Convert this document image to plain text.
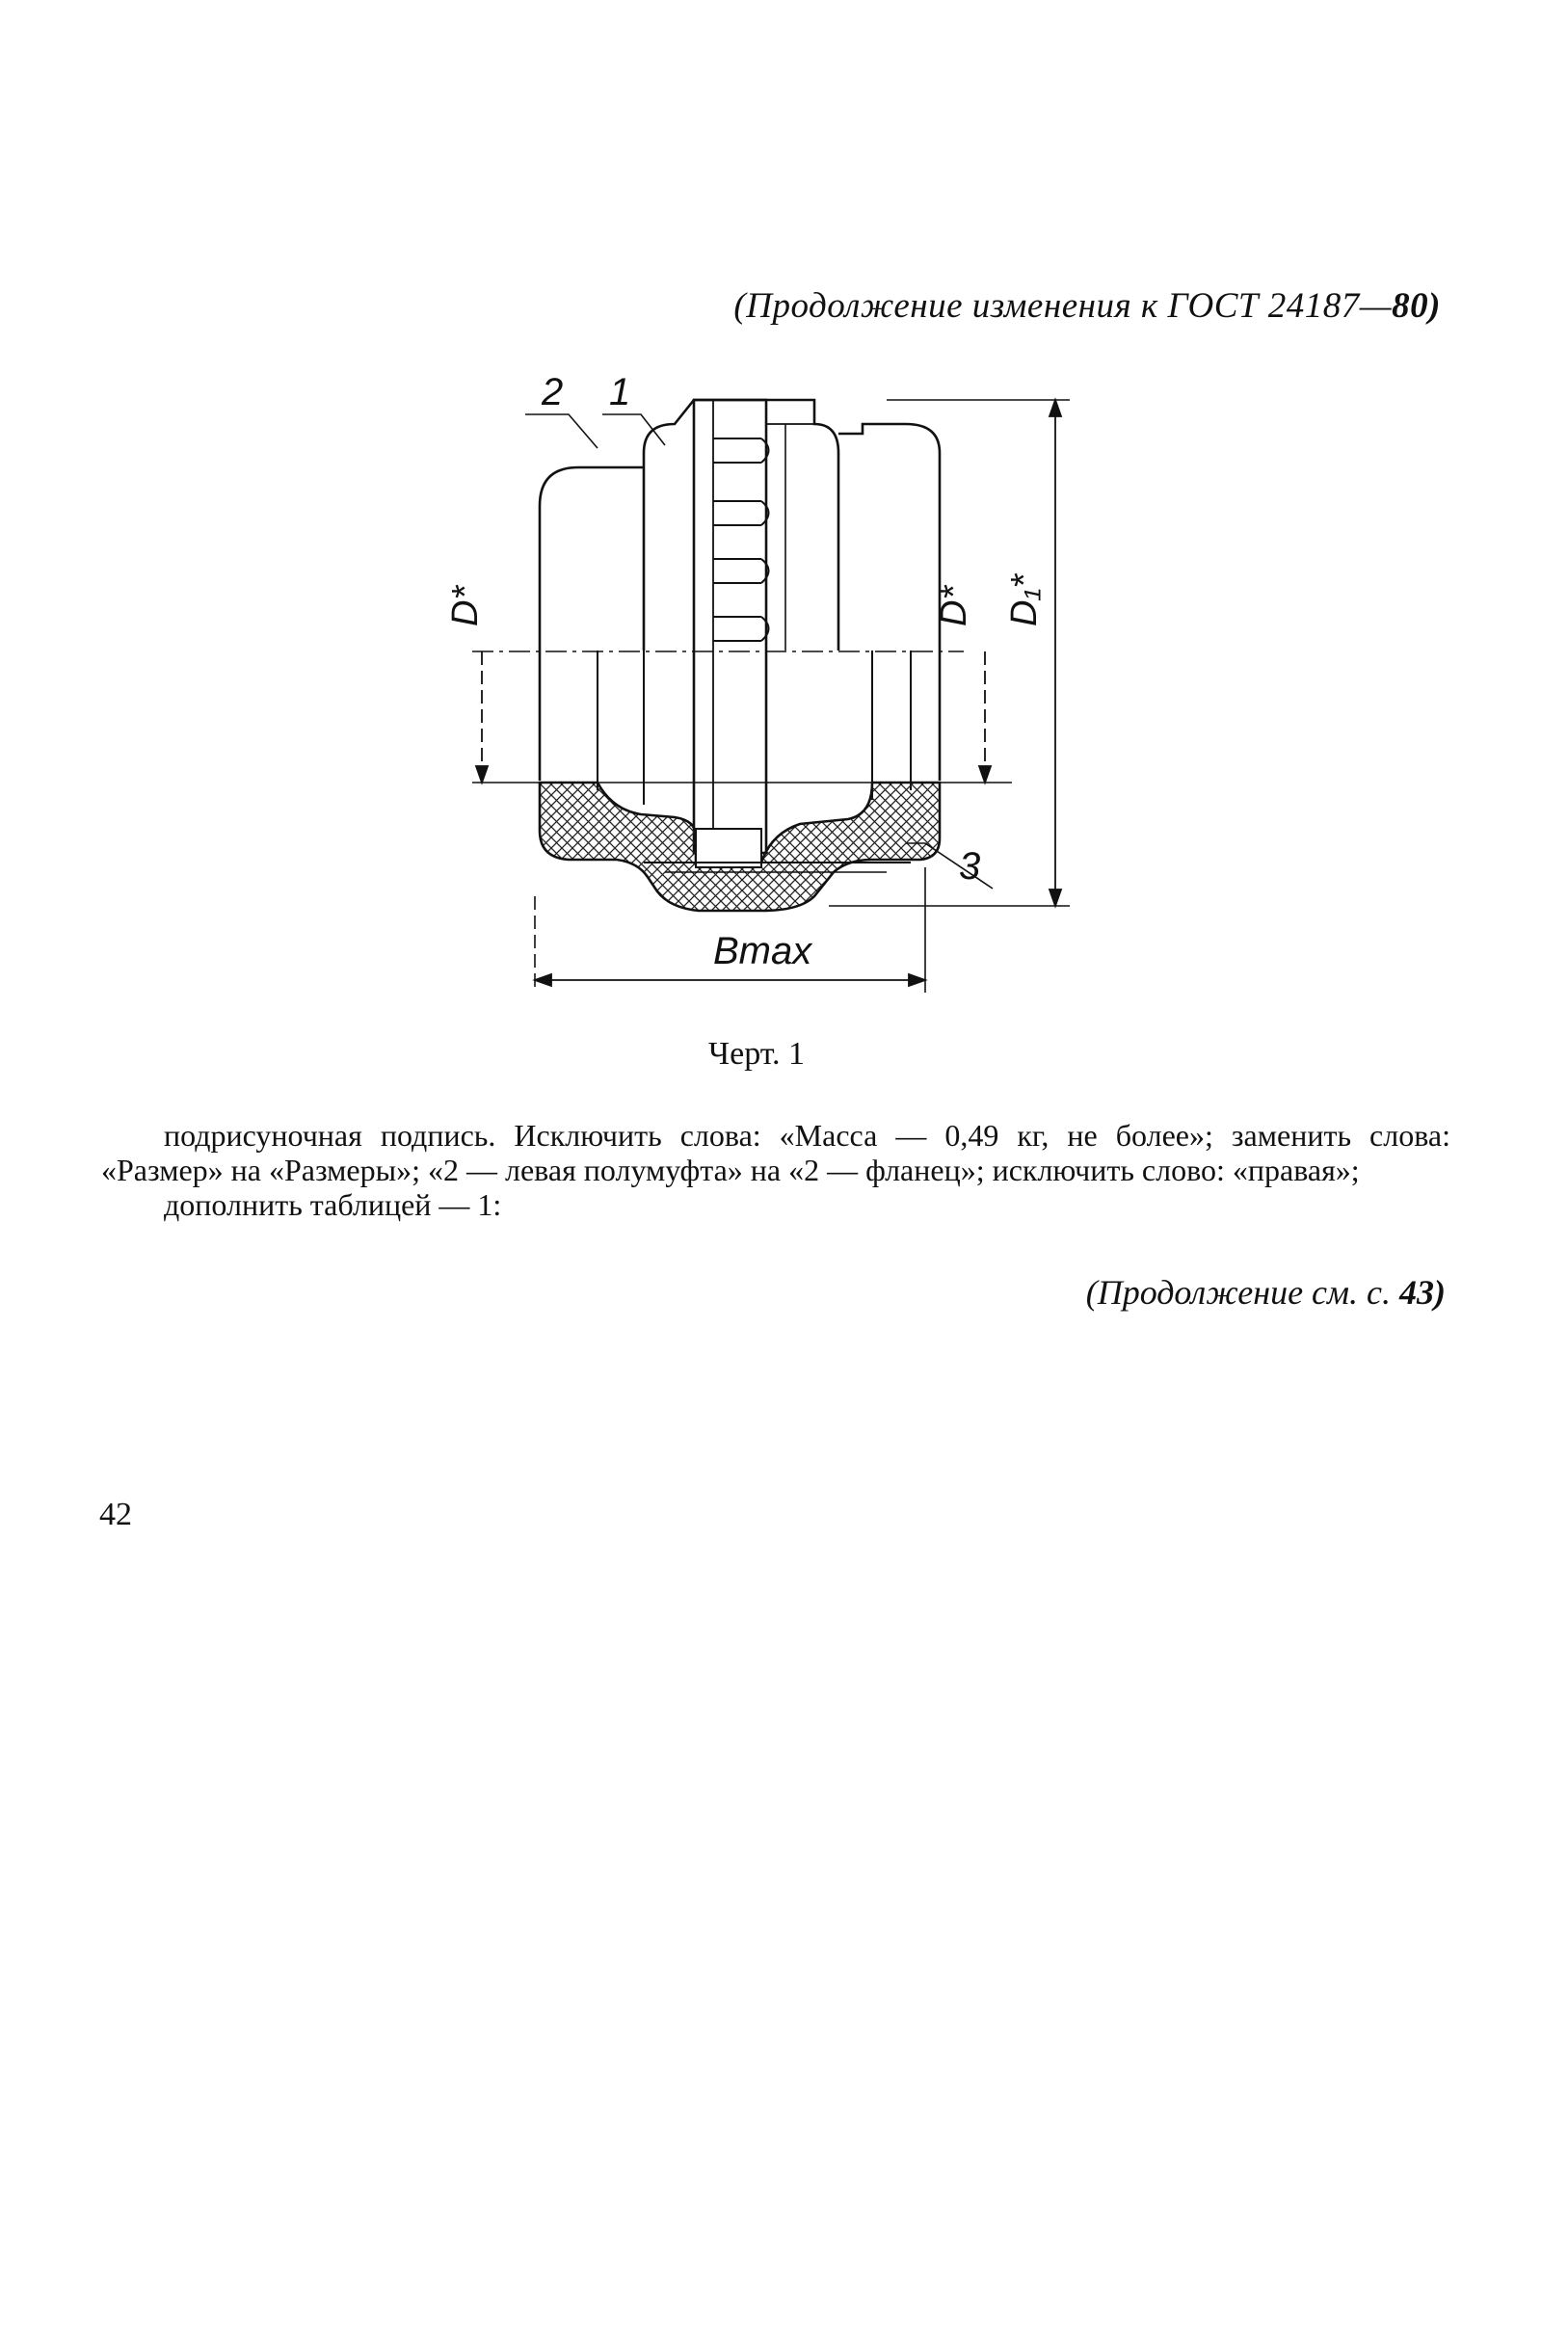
(Продолжение изменения к ГОСТ 24187—80)
2 1
3
D*	D* D₁*
Bmax
Черт. 1

подрисуночная подпись. Исключить слова: «Масса — 0,49 кг, не более»; заменить слова: «Размер» на «Размеры»; «2 — левая полумуфта» на «2 — фланец»; исключить слово: «правая»;

дополнить таблицей — 1:

(Продолжение см. с. 43)
42
